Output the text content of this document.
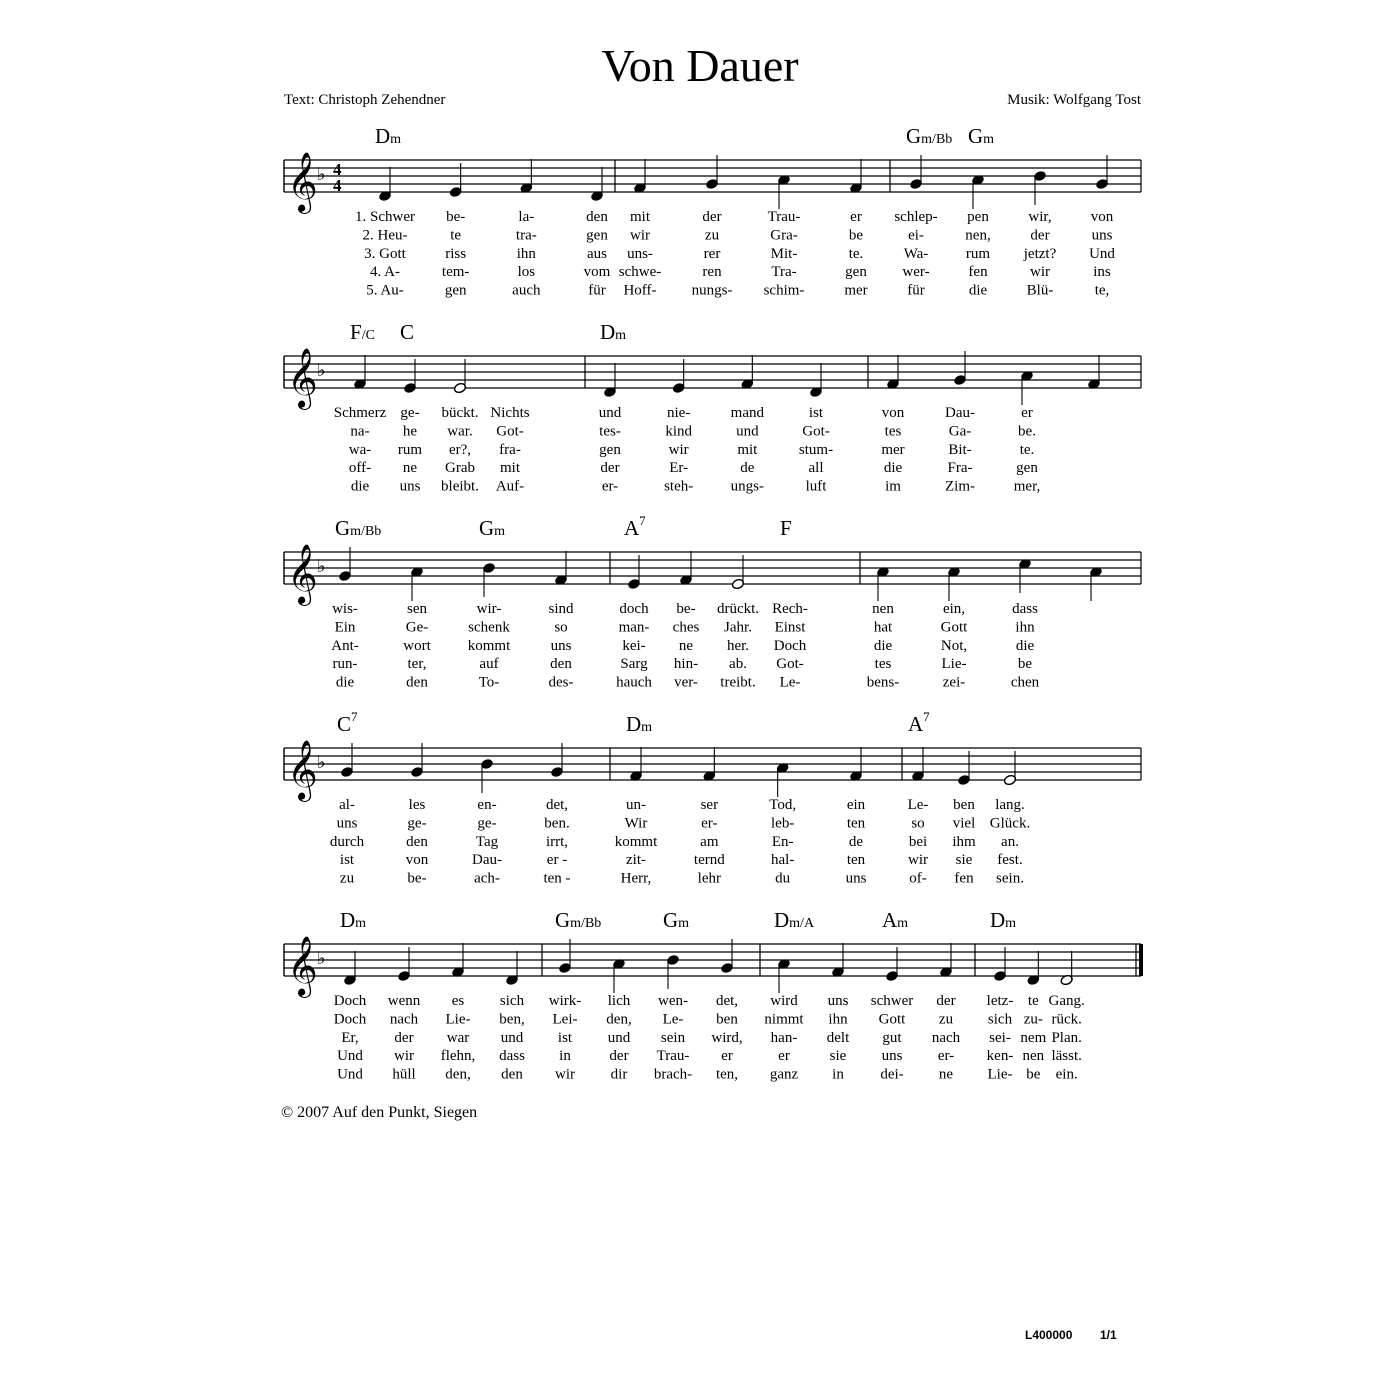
Von Dauer
Text: Christoph Zehendner	Musik: Wolfgang Tost
𝄞 ♭ 4
4
Dm	Gm/Bb Gm
1. Schwer be-	la-	den mit	der	Trau-	er schlep- pen	wir,	von
2. Heu-	te	tra-	gen wir	zu	Gra-	be	ei-	nen,	der	uns
3. Gott	riss	ihn	aus uns-	rer	Mit-	te.	Wa-	rum jetzt? Und
4. A-	tem-	los	vom schwe-	ren	Tra-	gen wer-	fen	wir	ins
5. Au-	gen	auch	für Hoff- nungs- schim-	mer	für	die	Blü-	te,
𝄞 ♭
F/C C	Dm
Schmerz ge- bückt. Nichts	und	nie-	mand	ist	von	Dau-	er
na- he war. Got-	tes-	kind	und	Got-	tes	Ga-	be.
wa- rum er?, fra-	gen	wir	mit	stum-	mer	Bit-	te.
off- ne Grab mit	der	Er-	de	all	die	Fra-	gen
die uns bleibt. Auf-	er-	steh- ungs-	luft	im	Zim-	mer,
𝄞 ♭
Gm/Bb	Gm	$A^7$	F
wis-	sen	wir-	sind	doch be- drückt. Rech-	nen	ein,	dass
Ein	Ge-	schenk	so	man- ches Jahr. Einst	hat	Gott	ihn
Ant-	wort kommt	uns	kei- ne her. Doch	die	Not,	die
run-	ter,	auf	den	Sarg hin- ab. Got-	tes	Lie-	be
die	den	To-	des-	hauch ver- treibt. Le-	bens-	zei-	chen
𝄞 ♭
$C^7$	Dm	$A^7$
al-	les	en-	det,	un-	ser	Tod,	ein	Le- ben lang.
uns	ge-	ge-	ben.	Wir	er-	leb-	ten	so viel Glück.
durch	den	Tag	irrt,	kommt	am	En-	de	bei ihm an.
ist	von	Dau-	er -	zit-	ternd	hal-	ten	wir sie fest.
zu	be-	ach-	ten -	Herr,	lehr	du	uns	of- fen sein.
𝄞 ♭
Dm	Gm/Bb	Gm	Dm/A	Am	Dm
Doch wenn es sich wirk- lich wen- det, wird uns schwer der letz- te Gang.
Doch nach Lie- ben, Lei- den, Le- ben nimmt ihn Gott zu sich zu- rück.
Er, der war und ist und sein wird, han- delt gut nach sei- nem Plan.
Und wir flehn, dass in	der Trau- er	er	sie uns er- ken- nen lässt.
Und hüll den, den wir dir brach- ten, ganz in dei- ne Lie- be ein.
© 2007 Auf den Punkt, Siegen
L400000 1/1
